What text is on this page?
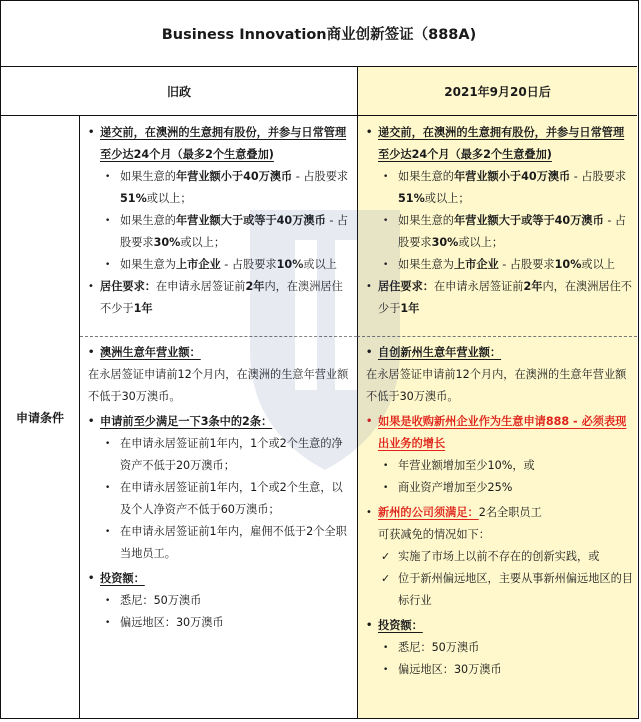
Business Innovation商业创新签证（888A)
旧政	2021年9月20日后
申请条件

• 递交前，在澳洲的生意拥有股份，并参与日常管理至少达24个月（最多2个生意叠加)

• 如果生意的年营业额小于40万澳币 - 占股要求51%或以上；

• 如果生意的年营业额大于或等于40万澳币 - 占股要求30%或以上；

• 如果生意为上市企业 - 占股要求10%或以上

• 居住要求：在申请永居签证前2年内，在澳洲居住不少于1年

• 澳洲生意年营业额：

在永居签证申请前12个月内，在澳洲的生意年营业额不低于30万澳币。

• 申请前至少满足一下3条中的2条：

• 在申请永居签证前1年内，1个或2个生意的净资产不低于20万澳币；

• 在申请永居签证前1年内，1个或2个生意，以及个人净资产不低于60万澳币；

• 在申请永居签证前1年内，雇佣不低于2个全职当地员工。

• 投资额：

• 悉尼：50万澳币

• 偏远地区：30万澳币

• 递交前，在澳洲的生意拥有股份，并参与日常管理至少达24个月（最多2个生意叠加)

• 如果生意的年营业额小于40万澳币 - 占股要求51%或以上；

• 如果生意的年营业额大于或等于40万澳币 - 占股要求30%或以上；

• 如果生意为上市企业 - 占股要求10%或以上

• 居住要求：在申请永居签证前2年内，在澳洲居住不少于1年

• 自创新州生意年营业额：

在永居签证申请前12个月内，在澳洲的生意年营业额不低于30万澳币。

• 如果是收购新州企业作为生意申请888 - 必须表现出业务的增长

• 年营业额增加至少10%，或

• 商业资产增加至少25%

• 新州的公司须满足：2名全职员工

可获减免的情况如下：

✓ 实施了市场上以前不存在的创新实践，或

✓ 位于新州偏远地区，主要从事新州偏远地区的目标行业

• 投资额：

• 悉尼：50万澳币

• 偏远地区：30万澳币
